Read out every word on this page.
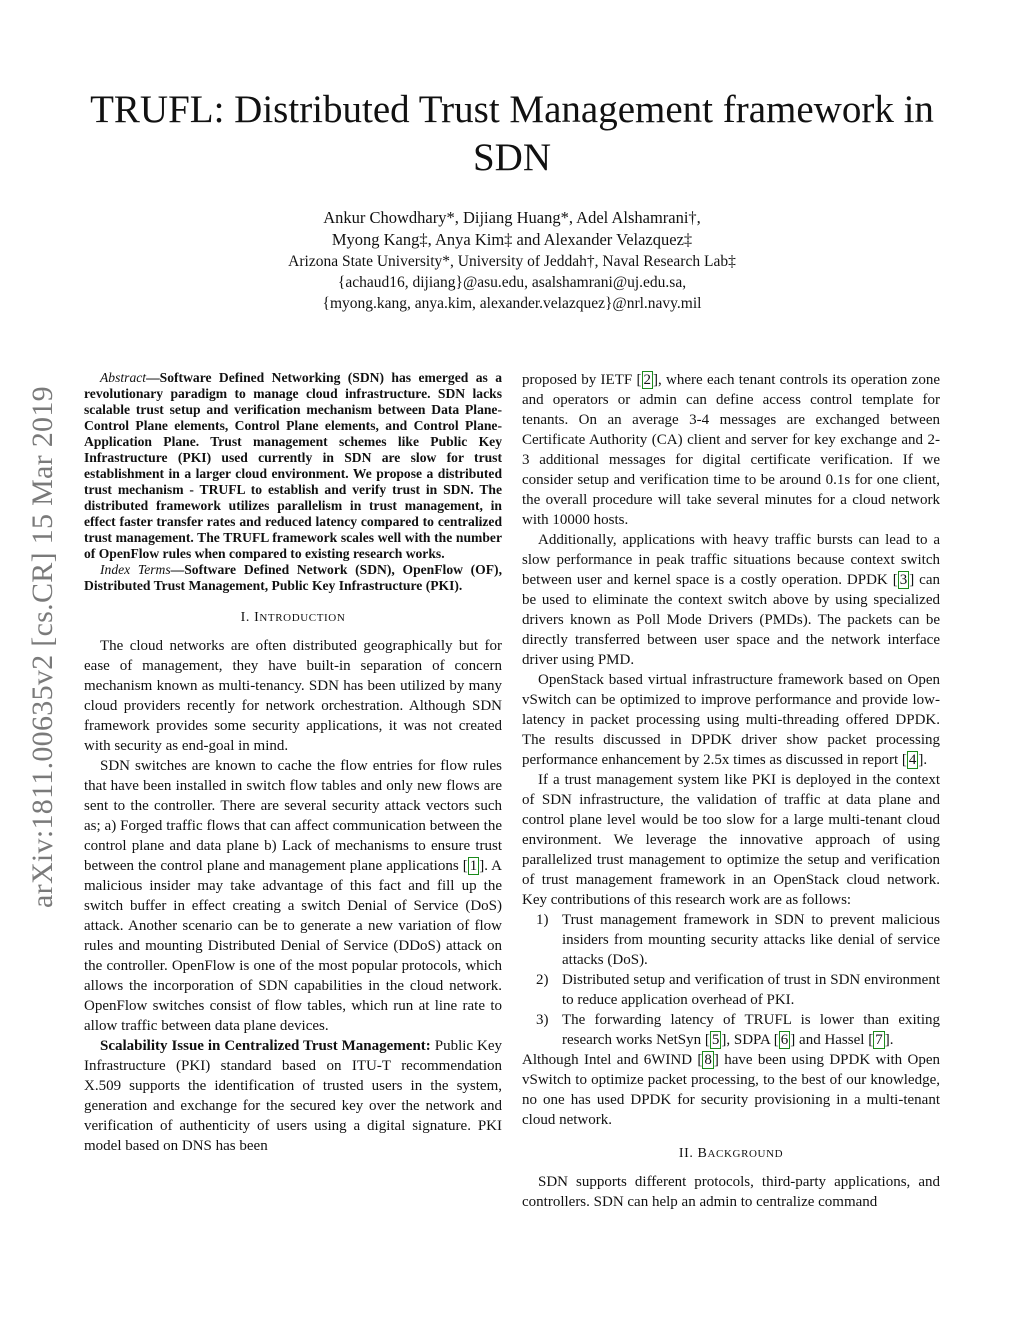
arXiv:1811.00635v2 [cs.CR] 15 Mar 2019
TRUFL: Distributed Trust Management framework in SDN
Ankur Chowdhary*, Dijiang Huang*, Adel Alshamrani†,
Myong Kang‡, Anya Kim‡ and Alexander Velazquez‡
Arizona State University*, University of Jeddah†, Naval Research Lab‡
{achaud16, dijiang}@asu.edu, asalshamrani@uj.edu.sa,
{myong.kang, anya.kim, alexander.velazquez}@nrl.navy.mil

Abstract—Software Defined Networking (SDN) has emerged as a revolutionary paradigm to manage cloud infrastructure. SDN lacks scalable trust setup and verification mechanism between Data Plane-Control Plane elements, Control Plane elements, and Control Plane-Application Plane. Trust management schemes like Public Key Infrastructure (PKI) used currently in SDN are slow for trust establishment in a larger cloud environment. We propose a distributed trust mechanism - TRUFL to establish and verify trust in SDN. The distributed framework utilizes parallelism in trust management, in effect faster transfer rates and reduced latency compared to centralized trust management. The TRUFL framework scales well with the number of OpenFlow rules when compared to existing research works.

Index Terms—Software Defined Network (SDN), OpenFlow (OF), Distributed Trust Management, Public Key Infrastructure (PKI).

I. INTRODUCTION

The cloud networks are often distributed geographically but for ease of management, they have built-in separation of concern mechanism known as multi-tenancy. SDN has been utilized by many cloud providers recently for network orchestration. Although SDN framework provides some security applications, it was not created with security as end-goal in mind.

SDN switches are known to cache the flow entries for flow rules that have been installed in switch flow tables and only new flows are sent to the controller. There are several security attack vectors such as; a) Forged traffic flows that can affect communication between the control plane and data plane b) Lack of mechanisms to ensure trust between the control plane and management plane applications [ 1 ]. A malicious insider may take advantage of this fact and fill up the switch buffer in effect creating a switch Denial of Service (DoS) attack. Another scenario can be to generate a new variation of flow rules and mounting Distributed Denial of Service (DDoS) attack on the controller. OpenFlow is one of the most popular protocols, which allows the incorporation of SDN capabilities in the cloud network. OpenFlow switches consist of flow tables, which run at line rate to allow traffic between data plane devices.

Scalability Issue in Centralized Trust Management: Public Key Infrastructure (PKI) standard based on ITU-T recommendation X.509 supports the identification of trusted users in the system, generation and exchange for the secured key over the network and verification of authenticity of users using a digital signature. PKI model based on DNS has been

proposed by IETF [ 2 ], where each tenant controls its operation zone and operators or admin can define access control template for tenants. On an average 3-4 messages are exchanged between Certificate Authority (CA) client and server for key exchange and 2-3 additional messages for digital certificate verification. If we consider setup and verification time to be around 0.1s for one client, the overall procedure will take several minutes for a cloud network with 10000 hosts.

Additionally, applications with heavy traffic bursts can lead to a slow performance in peak traffic situations because context switch between user and kernel space is a costly operation. DPDK [ 3 ] can be used to eliminate the context switch above by using specialized drivers known as Poll Mode Drivers (PMDs). The packets can be directly transferred between user space and the network interface driver using PMD.

OpenStack based virtual infrastructure framework based on Open vSwitch can be optimized to improve performance and provide low-latency in packet processing using multi-threading offered DPDK. The results discussed in DPDK driver show packet processing performance enhancement by 2.5x times as discussed in report [ 4 ].

If a trust management system like PKI is deployed in the context of SDN infrastructure, the validation of traffic at data plane and control plane level would be too slow for a large multi-tenant cloud environment. We leverage the innovative approach of using parallelized trust management to optimize the setup and verification of trust management framework in an OpenStack cloud network. Key contributions of this research work are as follows:

1) Trust management framework in SDN to prevent malicious insiders from mounting security attacks like denial of service attacks (DoS).
2) Distributed setup and verification of trust in SDN environment to reduce application overhead of PKI.
3) The forwarding latency of TRUFL is lower than exiting research works NetSyn [ 5 ], SDPA [ 6 ] and Hassel [ 7 ].

Although Intel and 6WIND [ 8 ] have been using DPDK with Open vSwitch to optimize packet processing, to the best of our knowledge, no one has used DPDK for security provisioning in a multi-tenant cloud network.

II. BACKGROUND

SDN supports different protocols, third-party applications, and controllers. SDN can help an admin to centralize command
